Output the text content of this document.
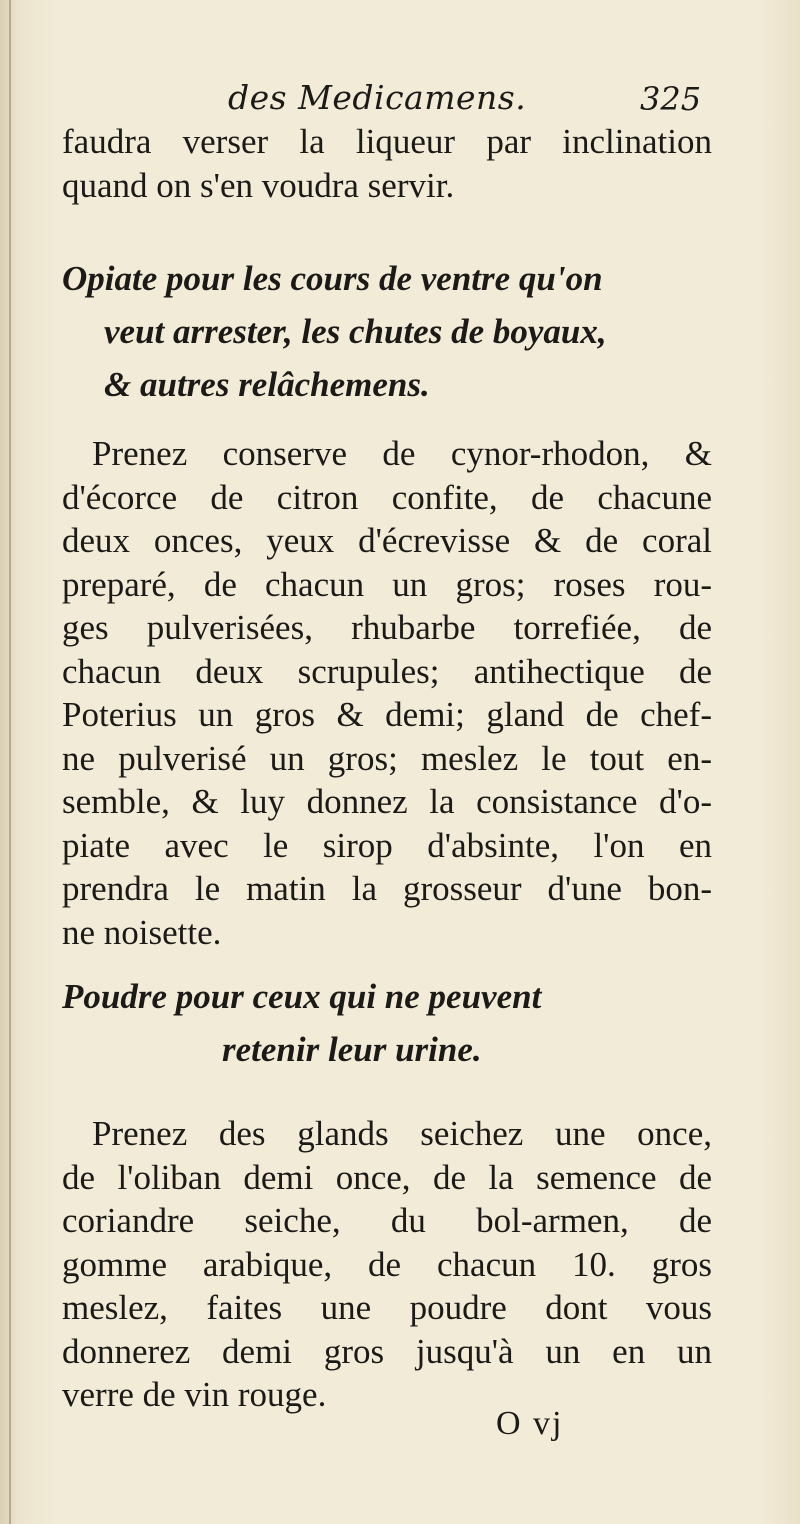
des Medicamens.	325
faudra verser la liqueur par inclination
quand on s'en voudra servir.
Opiate pour les cours de ventre qu'on
veut arrester, les chutes de boyaux,
& autres relâchemens.
Prenez conserve de cynor-rhodon, &
d'écorce de citron confite, de chacune
deux onces, yeux d'écrevisse & de coral
preparé, de chacun un gros; roses rou-
ges pulverisées, rhubarbe torrefiée, de
chacun deux scrupules; antihectique de
Poterius un gros & demi; gland de chef-
ne pulverisé un gros; meslez le tout en-
semble, & luy donnez la consistance d'o-
piate avec le sirop d'absinte, l'on en
prendra le matin la grosseur d'une bon-
ne noisette.
Poudre pour ceux qui ne peuvent
retenir leur urine.
Prenez des glands seichez une once,
de l'oliban demi once, de la semence de
coriandre seiche, du bol-armen, de
gomme arabique, de chacun 10. gros
meslez, faites une poudre dont vous
donnerez demi gros jusqu'à un en un
verre de vin rouge.
O vj
